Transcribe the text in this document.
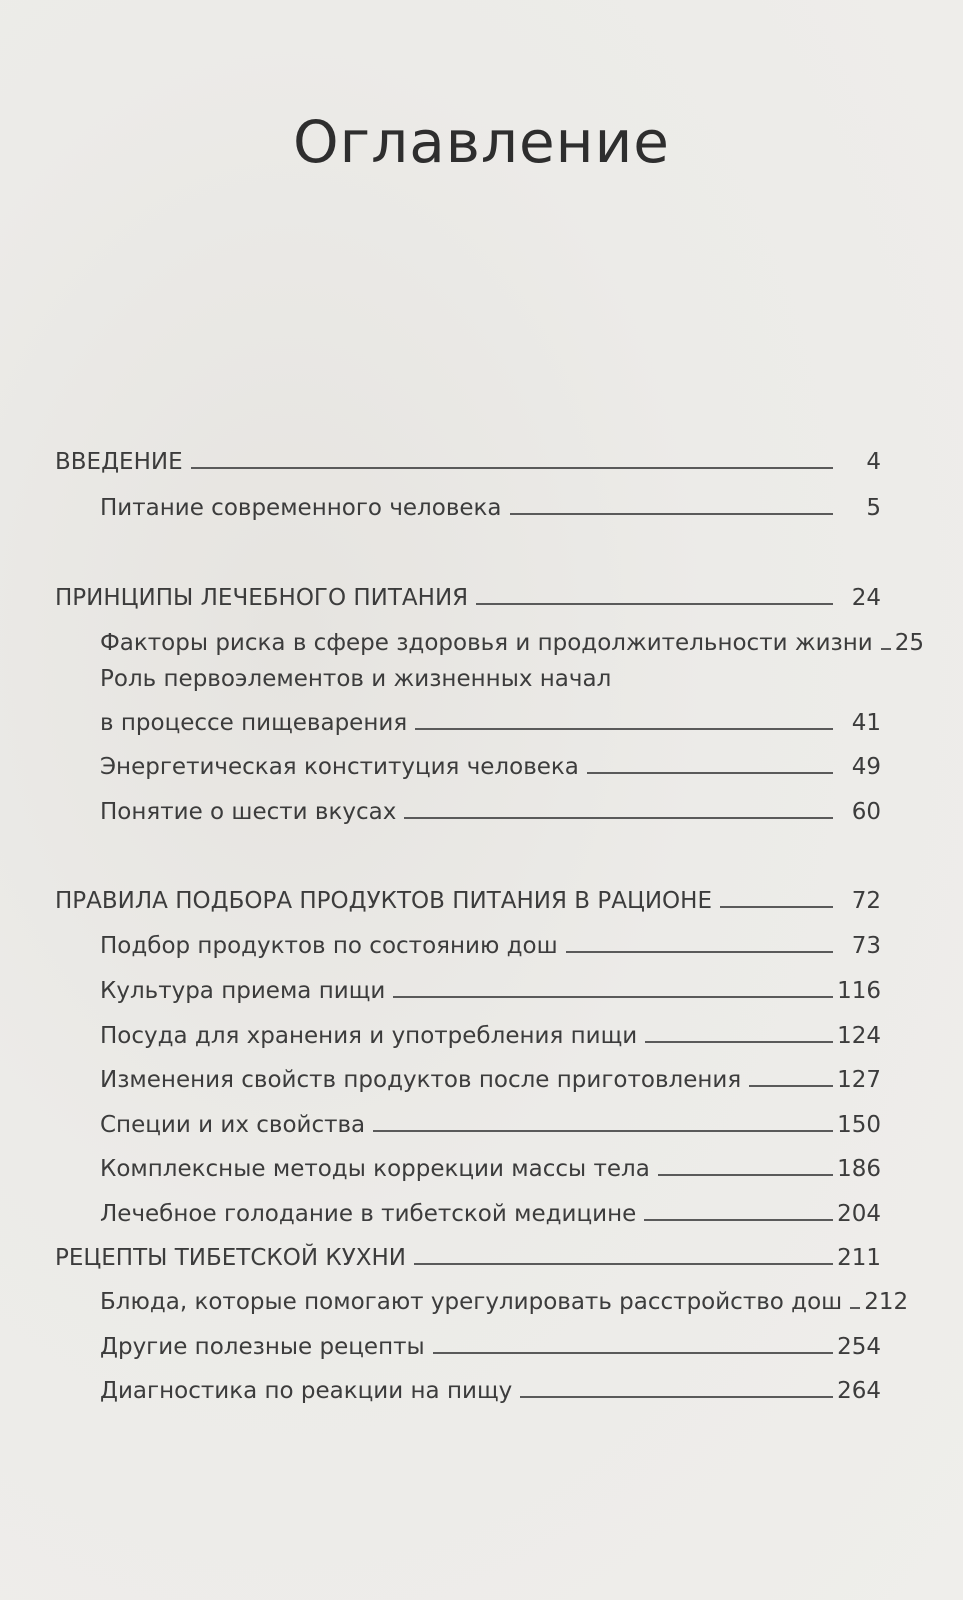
Оглавление
ВВЕДЕНИЕ	4
Питание современного человека	5
ПРИНЦИПЫ ЛЕЧЕБНОГО ПИТАНИЯ	24
Факторы риска в сфере здоровья и продолжительности жизни 25
Роль первоэлементов и жизненных начал
в процессе пищеварения	41
Энергетическая конституция человека	49
Понятие о шести вкусах	60
ПРАВИЛА ПОДБОРА ПРОДУКТОВ ПИТАНИЯ В РАЦИОНЕ	72
Подбор продуктов по состоянию дош	73
Культура приема пищи	116
Посуда для хранения и употребления пищи	124
Изменения свойств продуктов после приготовления	127
Специи и их свойства	150
Комплексные методы коррекции массы тела	186
Лечебное голодание в тибетской медицине	204
РЕЦЕПТЫ ТИБЕТСКОЙ КУХНИ	211
Блюда, которые помогают урегулировать расстройство дош 212
Другие полезные рецепты	254
Диагностика по реакции на пищу	264
